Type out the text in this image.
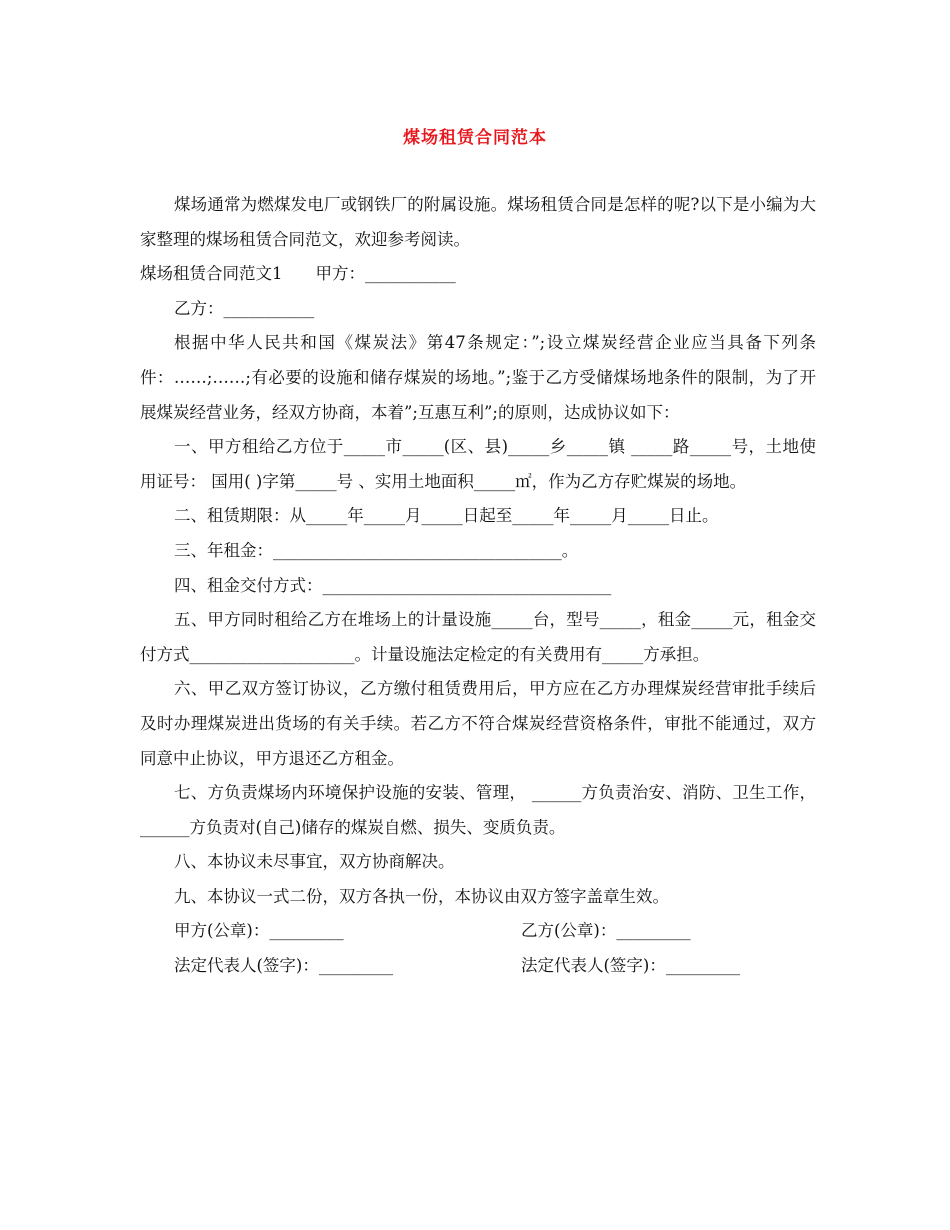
煤场租赁合同范本

煤场通常为燃煤发电厂或钢铁厂的附属设施。煤场租赁合同是怎样的呢?以下是小编为大家整理的煤场租赁合同范文，欢迎参考阅读。

煤场租赁合同范文1　　甲方：___________

乙方：___________

根据中华人民共和国《煤炭法》第47条规定：”;设立煤炭经营企业应当具备下列条件：……;……;有必要的设施和储存煤炭的场地。”;鉴于乙方受储煤场地条件的限制，为了开展煤炭经营业务，经双方协商，本着”;互惠互利”;的原则，达成协议如下：

一、甲方租给乙方位于_____市_____(区、县)_____乡_____镇 _____路_____号，土地使用证号： 国用( )字第_____号 、实用土地面积_____㎡，作为乙方存贮煤炭的场地。

二、租赁期限：从_____年_____月_____日起至_____年_____月_____日止。

三、年租金：___________________________________。

四、租金交付方式：___________________________________

五、甲方同时租给乙方在堆场上的计量设施_____台，型号_____，租金_____元，租金交付方式____________________。计量设施法定检定的有关费用有_____方承担。

六、甲乙双方签订协议，乙方缴付租赁费用后，甲方应在乙方办理煤炭经营审批手续后及时办理煤炭进出货场的有关手续。若乙方不符合煤炭经营资格条件，审批不能通过，双方同意中止协议，甲方退还乙方租金。

七、方负责煤场内环境保护设施的安装、管理， ______方负责治安、消防、卫生工作，______方负责对(自己)储存的煤炭自燃、损失、变质负责。

八、本协议未尽事宜，双方协商解决。

九、本协议一式二份，双方各执一份，本协议由双方签字盖章生效。

甲方(公章)：_________	乙方(公章)：_________
法定代表人(签字)：_________	法定代表人(签字)：_________
